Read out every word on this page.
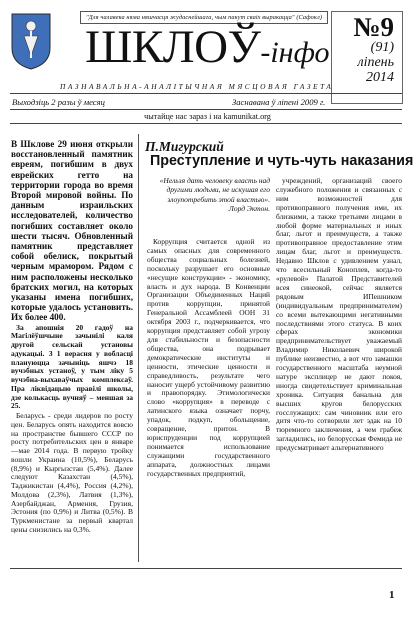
"Для чалавека няма няшчасця жудаснейшага, чым пакут сваіх выракацца" (Сафокл)
ШКЛОЎ-інфо
№9
(91)
ліпень
2014
ПАЗНАВАЛЬНА-АНАЛІТЫЧНАЯ МЯСЦОВАЯ ГАЗЕТА
Выходзіць 2 разы ў месяц	Заснавана ў ліпені 2009 г.
чытайце нас зараз і на kamunikat.org

В Шклове 29 июня открыли восстановленный памятник евреям, погибшим в двух еврейских гетто на территории города во время Второй мировой войны. По данным израильских исследователей, количество погибших составляет около шести тысяч. Обновленный памятник представляет собой обелиск, покрытый черным мрамором. Рядом с ним расположены несколько братских могил, на которых указаны имена погибших, которые удалось установить. Их более 400.

За апошнія 20 гадоў на Магілёўшчыне зачынілі каля другой сельскай установы адукацыі. З 1 верасня у вобласці плануюцца зачыніць яшчэ 18 вучэбных устаноў, у тым ліку 5 вучэбна-выхаваўчых комплексаў. Пра ліквідацыю правілі школы, дзе колькасць вучняў – меншая за 25.

Беларусь - среди лидеров по росту цен. Беларусь опять находится вовсю на пространстве бывшего СССР по росту потребительских цен в январе—мае 2014 года. В первую тройку вошли Украина (10,5%), Беларусь (8,9%) и Кыргызстан (5,4%). Далее следуют Казахстан (4,5%), Таджикистан (4,4%), Россия (4,2%), Молдова (2,3%), Латвия (1,3%), Азербайджан, Армения, Грузия, Эстония (по 0,9%) и Литва (0,5%). В Туркменистане за первый квартал цены снизились на 0,3%.

П.Мигурский
Преступление и чуть-чуть наказания
«Нельзя дать человеку власть над другими людьми, не искушая его злоупотребить этой властью». Лорд Эктон.

Коррупция считается одной из самых опасных для современного общества социальных болезней, поскольку разрушает его основные «несущие конструкции» - экономику, власть и дух народа. В Конвенции Организации Объединенных Наций против коррупции, принятой Генеральной Ассамблеей ООН 31 октября 2003 г., подчеркивается, что коррупция представляет собой угрозу для стабильности и безопасности общества, она подрывает демократические институты и ценности, этические ценности и справедливость, результате чего наносит ущерб устойчивому развитию и правопорядку. Этимологически слово «коррупция» в переводе с латинского языка означает порчу, упадок, подкуп, обольщение, совращение, притон. В юриспруденции под коррупцией понимается использование служащими государственного аппарата, должностных лицами государственных предприятий,

учреждений, организаций своего служебного положения и связанных с ним возможностей для противоправного получения ими, их близкими, а также третьими лицами в любой форме материальных и иных благ, льгот и преимуществ, а также противоправное предоставление этим лицам благ, льгот и преимуществ. Недавно Шклов с удивлением узнал, что всесильный Коноплев, когда-то «рулевой» Палатой Представителей всея синеокой, сейчас является рядовым ИПешником (индивидуальным предпринимателем) со всеми вытекающими негативными последствиями этого статуса. В коих сферах экономики предпринимательствует уважаемый Владимир Николаевич широкой публике неизвестно, а вот что замашки государственного масштаба неумной натуре эксплицер не дают покоя, иногда свидетельствует криминальная хроника. Ситуация банальна для высших кругов белорусских госслужащих: сам чиновник или его дитя что-то сотворили лет эдак на 10 тюремного заключения, а чем грабеж загладились, но белорусская Фемида не предусматривает альтернативного

1
